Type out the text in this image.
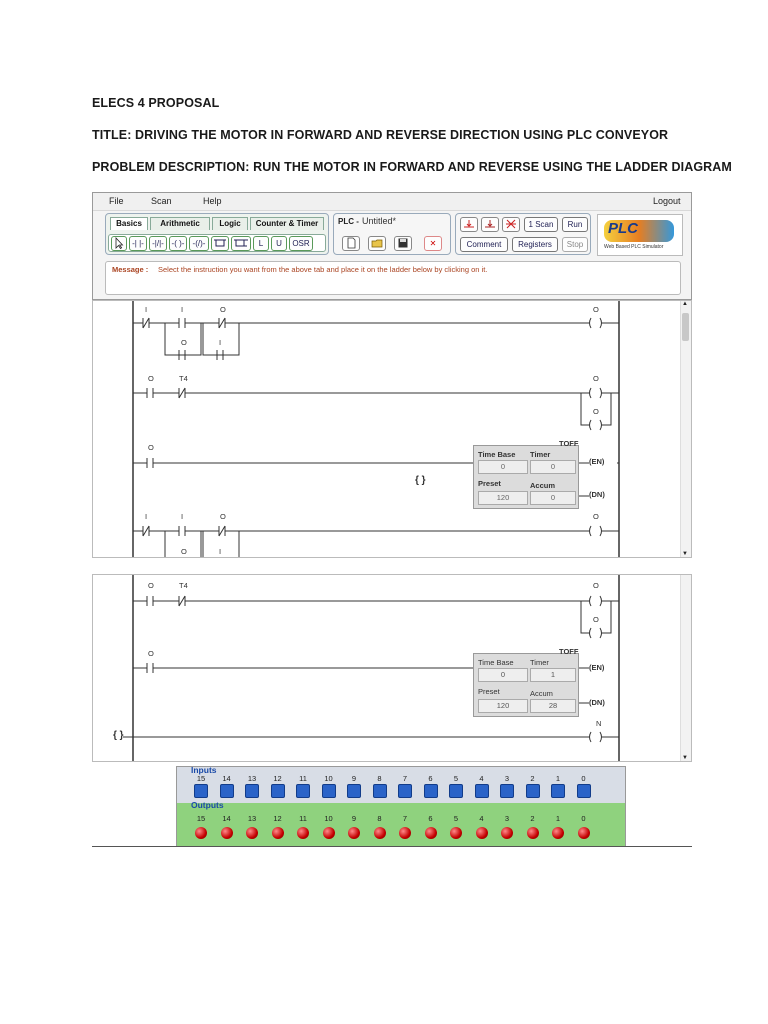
ELECS 4 PROPOSAL
TITLE: DRIVING THE MOTOR IN FORWARD AND REVERSE DIRECTION USING PLC CONVEYOR
PROBLEM DESCRIPTION: RUN THE MOTOR IN FORWARD AND REVERSE USING THE LADDER DIAGRAM
File	Scan	Help	Logout
Basics	Arithmetic	Logic	Counter & Timer
-| |-	-|/|- -( )-	-(/)-	L	U	OSR
PLC - Untitled*
✕
1 Scan	Run
Comment	Registers	Stop
PLC
Web Based PLC Simulator
Message : Select the instruction you want from the above tab and place it on the ladder below by clicking on it.
I	I	O
O	I
O
O	T4	O
O
O
{ }
I	I	O
O	I
O
Time Base Timer
0	0
Preset	Accum
120	0
TOFF
(EN)
(DN)
▲
▼
O	T4	O
O
O
Time Base Timer
0	1
Preset	Accum
120	28
TOFF
(EN)
(DN)
{ }
N
▼
Inputs
15	14	13	12	11	10	9	8	7	6	5	4	3	2	1	0
Outputs
15	14	13	12	11	10	9	8	7	6	5	4	3	2	1	0
